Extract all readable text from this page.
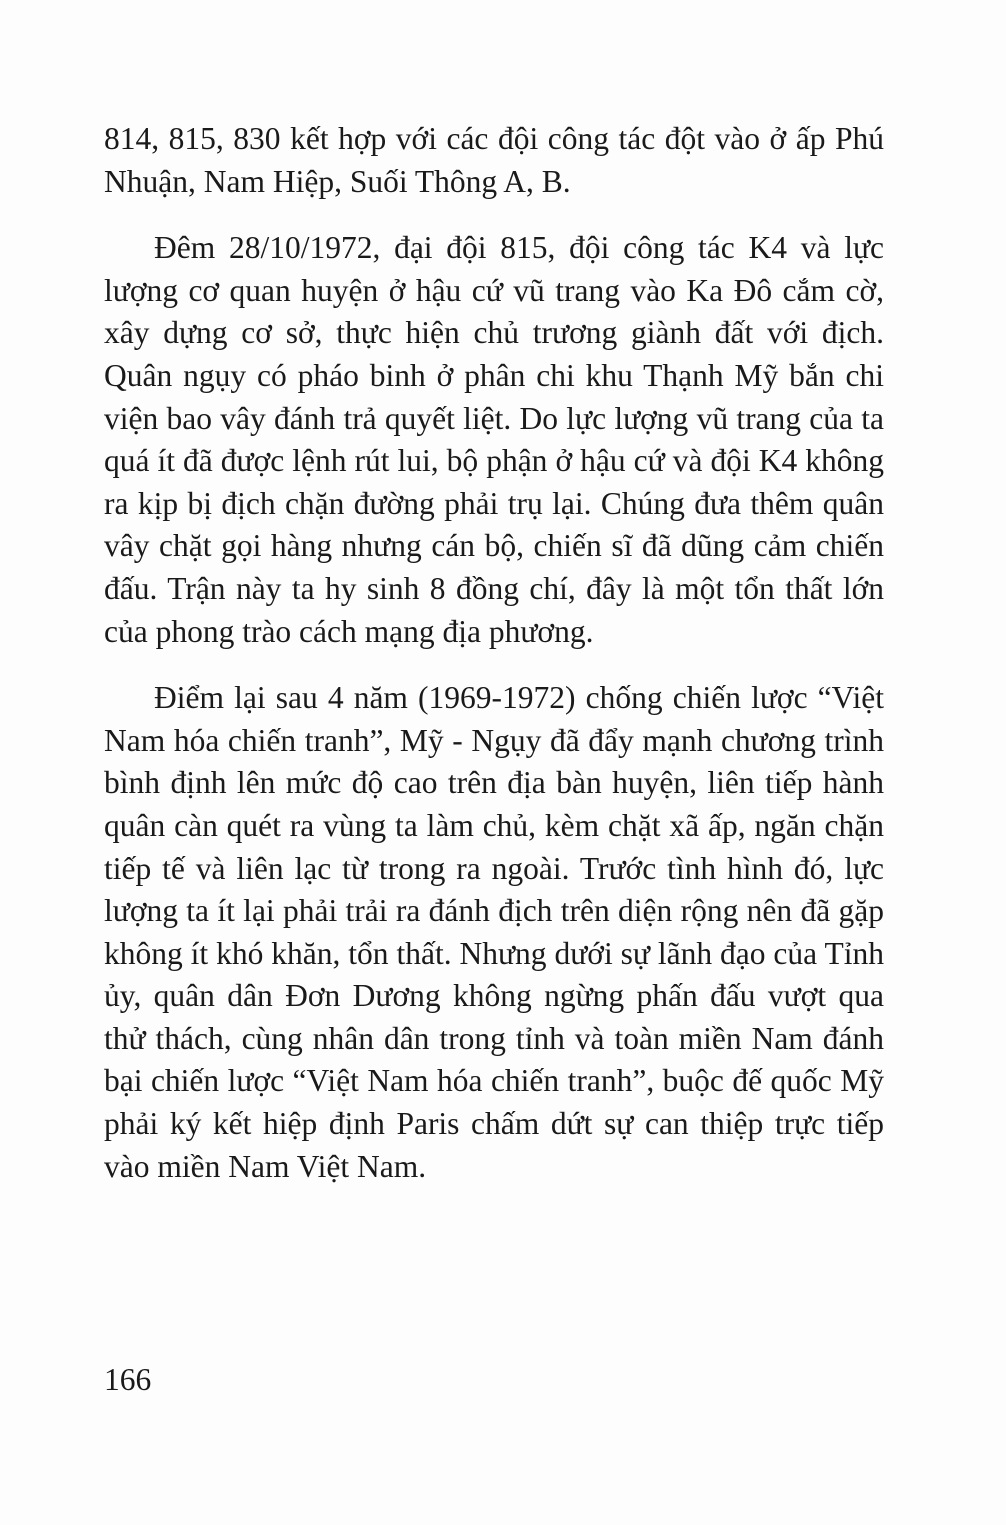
814, 815, 830 kết hợp với các đội công tác đột vào ở ấp Phú Nhuận, Nam Hiệp, Suối Thông A, B.

Đêm 28/10/1972, đại đội 815, đội công tác K4 và lực lượng cơ quan huyện ở hậu cứ vũ trang vào Ka Đô cắm cờ, xây dựng cơ sở, thực hiện chủ trương giành đất với địch. Quân ngụy có pháo binh ở phân chi khu Thạnh Mỹ bắn chi viện bao vây đánh trả quyết liệt. Do lực lượng vũ trang của ta quá ít đã được lệnh rút lui, bộ phận ở hậu cứ và đội K4 không ra kịp bị địch chặn đường phải trụ lại. Chúng đưa thêm quân vây chặt gọi hàng nhưng cán bộ, chiến sĩ đã dũng cảm chiến đấu. Trận này ta hy sinh 8 đồng chí, đây là một tổn thất lớn của phong trào cách mạng địa phương.

Điểm lại sau 4 năm (1969-1972) chống chiến lược “Việt Nam hóa chiến tranh”, Mỹ - Ngụy đã đẩy mạnh chương trình bình định lên mức độ cao trên địa bàn huyện, liên tiếp hành quân càn quét ra vùng ta làm chủ, kèm chặt xã ấp, ngăn chặn tiếp tế và liên lạc từ trong ra ngoài. Trước tình hình đó, lực lượng ta ít lại phải trải ra đánh địch trên diện rộng nên đã gặp không ít khó khăn, tổn thất. Nhưng dưới sự lãnh đạo của Tỉnh ủy, quân dân Đơn Dương không ngừng phấn đấu vượt qua thử thách, cùng nhân dân trong tỉnh và toàn miền Nam đánh bại chiến lược “Việt Nam hóa chiến tranh”, buộc đế quốc Mỹ phải ký kết hiệp định Paris chấm dứt sự can thiệp trực tiếp vào miền Nam Việt Nam.

166
